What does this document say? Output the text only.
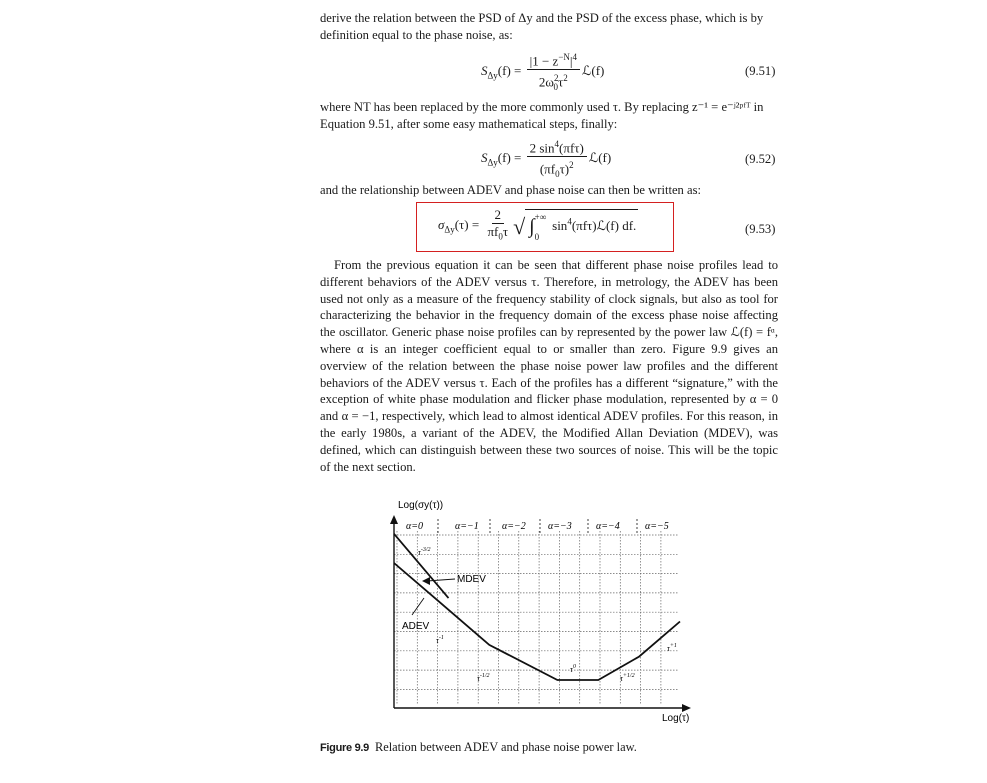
derive the relation between the PSD of Δy and the PSD of the excess phase, which is by definition equal to the phase noise, as:

$S_{\Delta y}(f) = \frac{|1 - z^{-N}|^4}{2\omega^2_0\tau^2}$ ℒ(f)	(9.51)

where NT has been replaced by the more commonly used τ. By replacing z⁻¹ = e⁻ʲ²ᵖᶠᵀ in Equation 9.51, after some easy mathematical steps, finally:

$S_{\Delta y}(f) = \frac{2 \sin^4(\pi f\tau)}{(\pi f_0\tau)^2}$ ℒ(f)	(9.52)

and the relationship between ADEV and phase noise can then be written as:

$\sigma_{\Delta y}(\tau) = \frac{2}{\pi f_0\tau}$ √ ∫ +∞
0
$\sin^4(\pi f\tau)ℒ(f)$ df.	(9.53)

From the previous equation it can be seen that different phase noise profiles lead to different behaviors of the ADEV versus τ. Therefore, in metrology, the ADEV has been used not only as a measure of the frequency stability of clock signals, but also as tool for characterizing the behavior in the frequency domain of the excess phase noise affecting the oscillator. Generic phase noise profiles can by represented by the power law ℒ(f) = fᵅ, where α is an integer coefficient equal to or smaller than zero. Figure 9.9 gives an overview of the relation between the phase noise power law profiles and the different behaviors of the ADEV versus τ. Each of the profiles has a different “signature,” with the exception of white phase modulation and flicker phase modulation, represented by α = 0 and α = −1, respectively, which lead to almost identical ADEV profiles. For this reason, in the early 1980s, a variant of the ADEV, the Modified Allan Deviation (MDEV), was defined, which can distinguish between these two sources of noise. This will be the topic of the next section.

Log(σy(τ))
α=0	α=−1 α=−2 α=−3 α=−4	α=−5
MDEV
ADEV
$\tau^{-3/2}$
$\tau^{-1}$
$\tau^{-1/2}$
$\tau^0$
$\tau^{+1/2}$
$\tau^{+1}$
Log(τ)
Figure 9.9 Relation between ADEV and phase noise power law.
